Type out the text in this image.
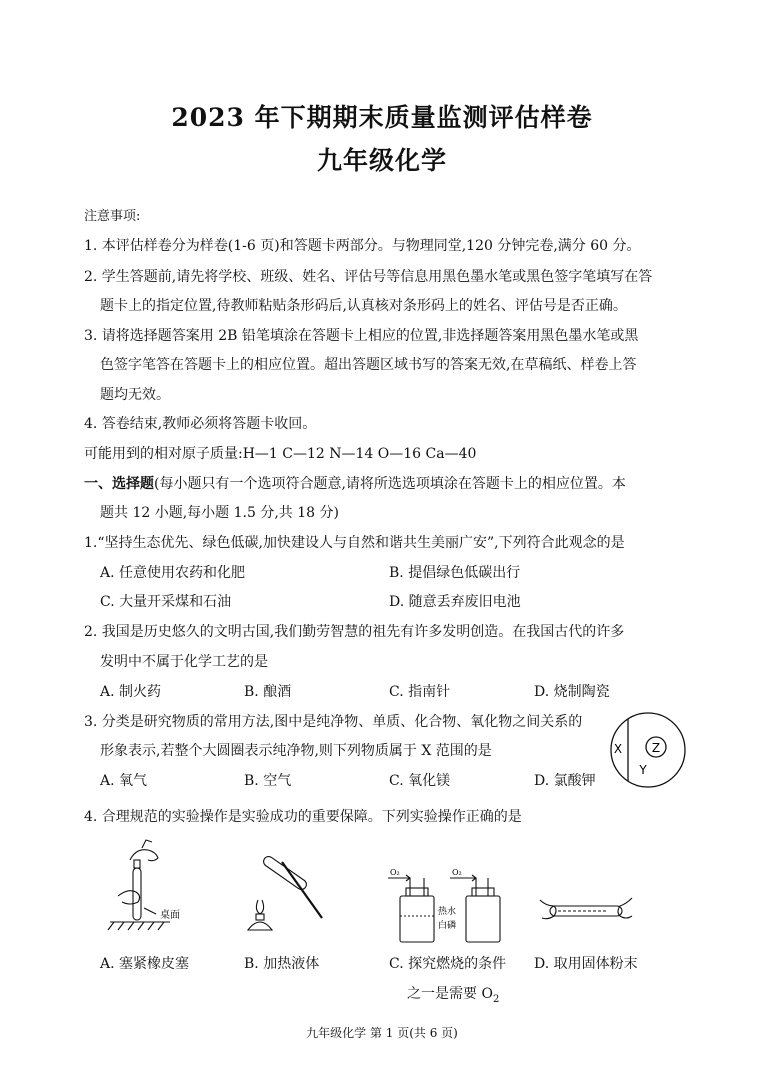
2023 年下期期末质量监测评估样卷
九年级化学
注意事项:
1. 本评估样卷分为样卷(1-6 页)和答题卡两部分。与物理同堂,120 分钟完卷,满分 60 分。
2. 学生答题前,请先将学校、班级、姓名、评估号等信息用黑色墨水笔或黑色签字笔填写在答
题卡上的指定位置,待教师粘贴条形码后,认真核对条形码上的姓名、评估号是否正确。
3. 请将选择题答案用 2B 铅笔填涂在答题卡上相应的位置,非选择题答案用黑色墨水笔或黑
色签字笔答在答题卡上的相应位置。超出答题区域书写的答案无效,在草稿纸、样卷上答
题均无效。
4. 答卷结束,教师必须将答题卡收回。
可能用到的相对原子质量:H—1 C—12 N—14 O—16 Ca—40
一、选择题(每小题只有一个选项符合题意,请将所选选项填涂在答题卡上的相应位置。本
题共 12 小题,每小题 1.5 分,共 18 分)
1.“坚持生态优先、绿色低碳,加快建设人与自然和谐共生美丽广安”,下列符合此观念的是
A. 任意使用农药和化肥	B. 提倡绿色低碳出行
C. 大量开采煤和石油	D. 随意丢弃废旧电池
2. 我国是历史悠久的文明古国,我们勤劳智慧的祖先有许多发明创造。在我国古代的许多
发明中不属于化学工艺的是
A. 制火药	B. 酿酒	C. 指南针	D. 烧制陶瓷
3. 分类是研究物质的常用方法,图中是纯净物、单质、化合物、氧化物之间关系的
形象表示,若整个大圆圈表示纯净物,则下列物质属于 X 范围的是
A. 氧气	B. 空气	C. 氧化镁	D. 氯酸钾
X Z
Y
4. 合理规范的实验操作是实验成功的重要保障。下列实验操作正确的是
桌面
O₂	O₂
热水
白磷
A. 塞紧橡皮塞	B. 加热液体	C. 探究燃烧的条件 D. 取用固体粉末
之一是需要 $O_2$
九年级化学 第 1 页(共 6 页)
